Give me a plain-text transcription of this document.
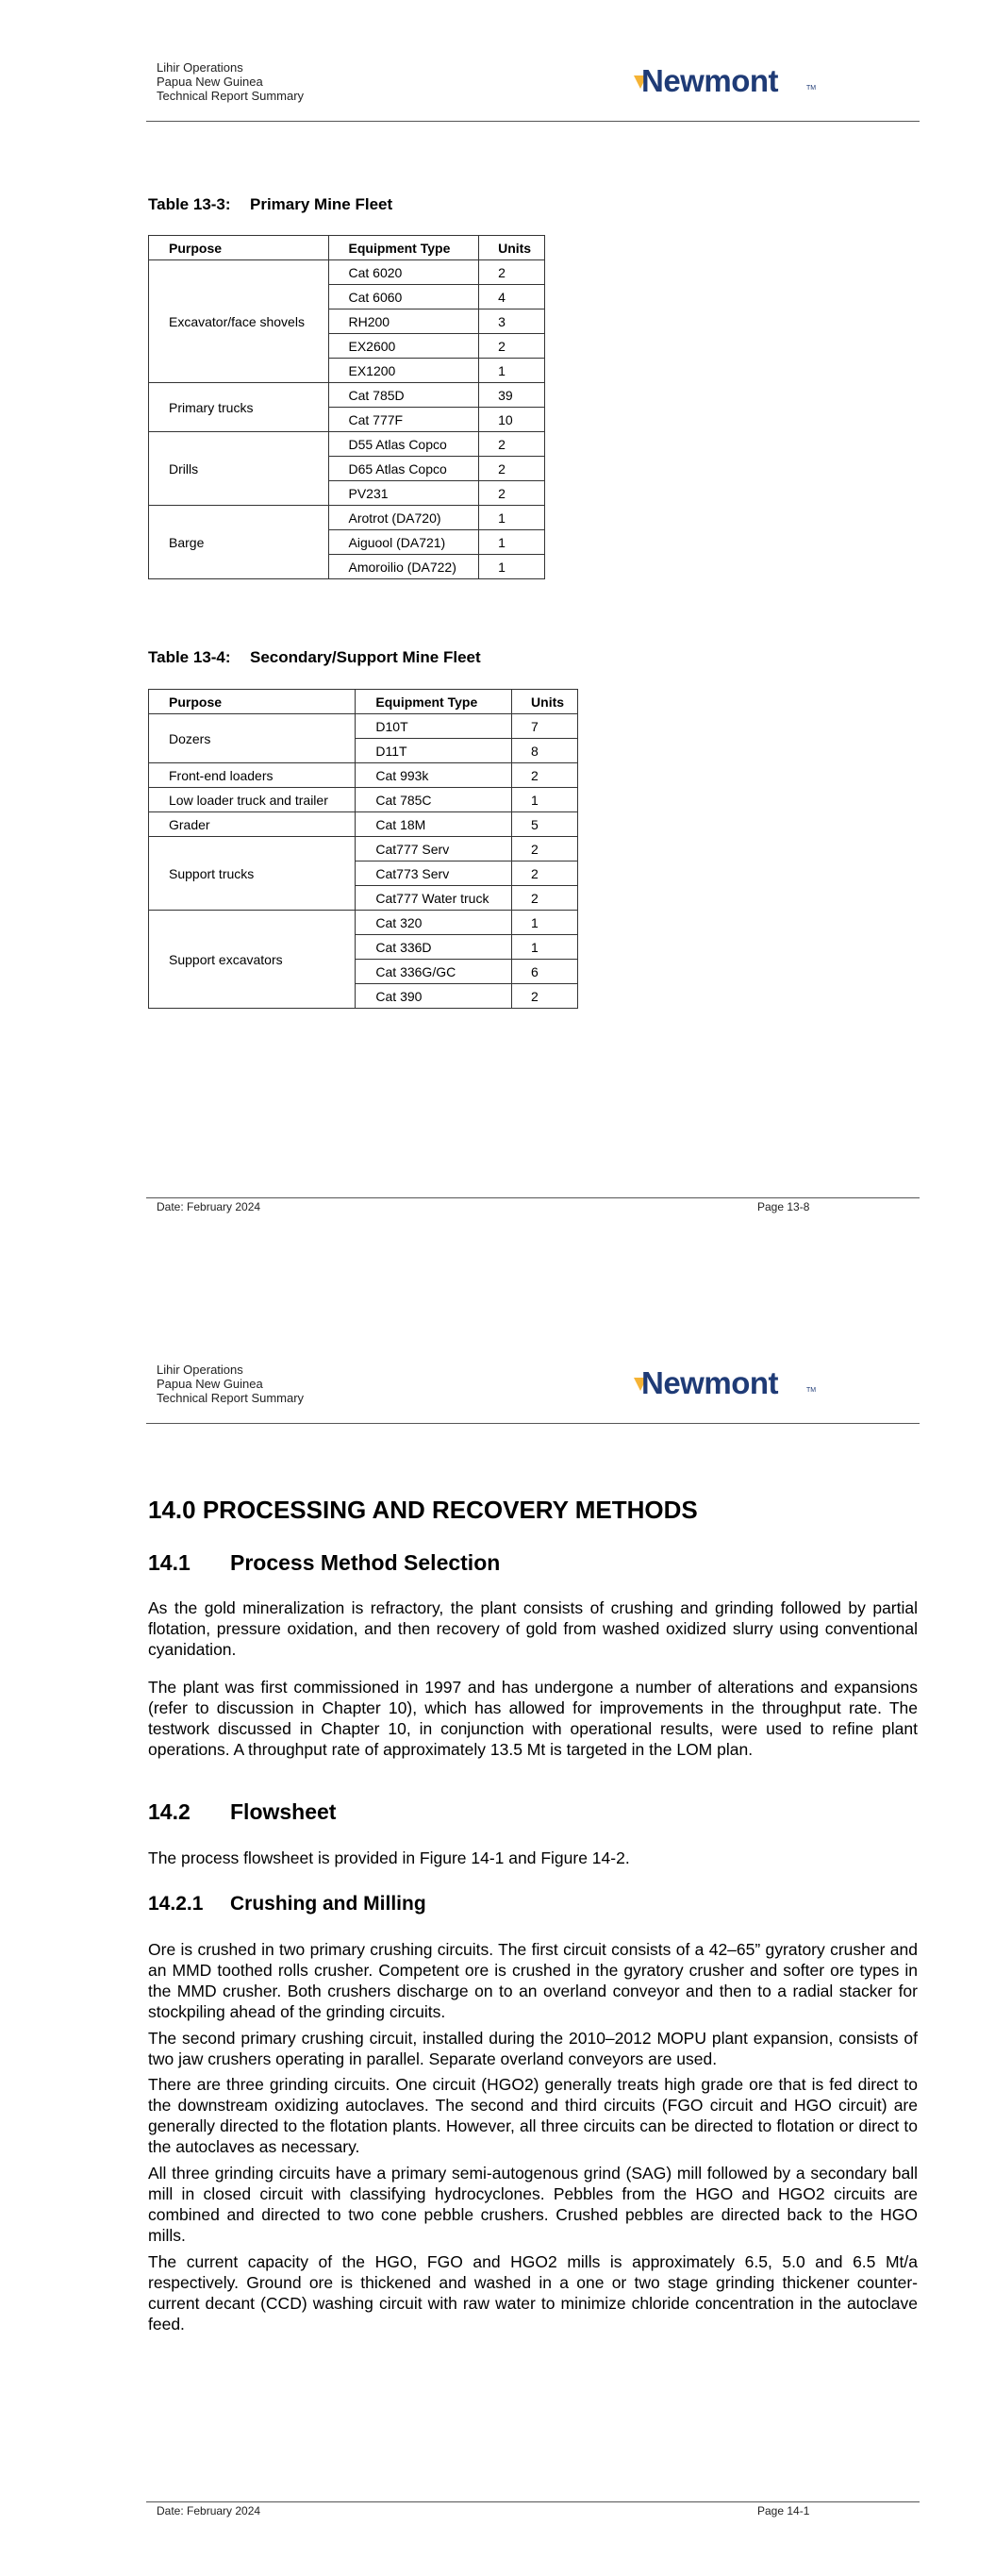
Lihir Operations
Papua New Guinea
Technical Report Summary	Newmont	TM
Table 13-3: Primary Mine Fleet
Purpose	Equipment Type	Units
Excavator/face shovels	Cat 6020	2
	Cat 6060	4
	RH200	3
	EX2600	2
	EX1200	1
Primary trucks	Cat 785D	39
	Cat 777F	10
Drills	D55 Atlas Copco	2
	D65 Atlas Copco	2
	PV231	2
Barge	Arotrot (DA720)	1
	Aiguool (DA721)	1
	Amoroilio (DA722)	1
Table 13-4: Secondary/Support Mine Fleet
Purpose	Equipment Type	Units
Dozers	D10T	7
	D11T	8
Front-end loaders	Cat 993k	2
Low loader truck and trailer	Cat 785C	1
Grader	Cat 18M	5
Support trucks	Cat777 Serv	2
	Cat773 Serv	2
	Cat777 Water truck	2
Support excavators	Cat 320	1
	Cat 336D	1
	Cat 336G/GC	6
	Cat 390	2
Date: February 2024	Page 13-8
Lihir Operations
Papua New Guinea
Technical Report Summary	Newmont	TM
14.0 PROCESSING AND RECOVERY METHODS
14.1 Process Method Selection

As the gold mineralization is refractory, the plant consists of crushing and grinding followed by partial flotation, pressure oxidation, and then recovery of gold from washed oxidized slurry using conventional cyanidation.

The plant was first commissioned in 1997 and has undergone a number of alterations and expansions (refer to discussion in Chapter 10), which has allowed for improvements in the throughput rate. The testwork discussed in Chapter 10, in conjunction with operational results, were used to refine plant operations. A throughput rate of approximately 13.5 Mt is targeted in the LOM plan.

14.2 Flowsheet

The process flowsheet is provided in Figure 14-1 and Figure 14-2.

14.2.1 Crushing and Milling

Ore is crushed in two primary crushing circuits. The first circuit consists of a 42–65” gyratory crusher and an MMD toothed rolls crusher. Competent ore is crushed in the gyratory crusher and softer ore types in the MMD crusher. Both crushers discharge on to an overland conveyor and then to a radial stacker for stockpiling ahead of the grinding circuits.

The second primary crushing circuit, installed during the 2010–2012 MOPU plant expansion, consists of two jaw crushers operating in parallel. Separate overland conveyors are used.

There are three grinding circuits. One circuit (HGO2) generally treats high grade ore that is fed direct to the downstream oxidizing autoclaves. The second and third circuits (FGO circuit and HGO circuit) are generally directed to the flotation plants. However, all three circuits can be directed to flotation or direct to the autoclaves as necessary.

All three grinding circuits have a primary semi-autogenous grind (SAG) mill followed by a secondary ball mill in closed circuit with classifying hydrocyclones. Pebbles from the HGO and HGO2 circuits are combined and directed to two cone pebble crushers. Crushed pebbles are directed back to the HGO mills.

The current capacity of the HGO, FGO and HGO2 mills is approximately 6.5, 5.0 and 6.5 Mt/a respectively. Ground ore is thickened and washed in a one or two stage grinding thickener counter-current decant (CCD) washing circuit with raw water to minimize chloride concentration in the autoclave feed.

Date: February 2024	Page 14-1
